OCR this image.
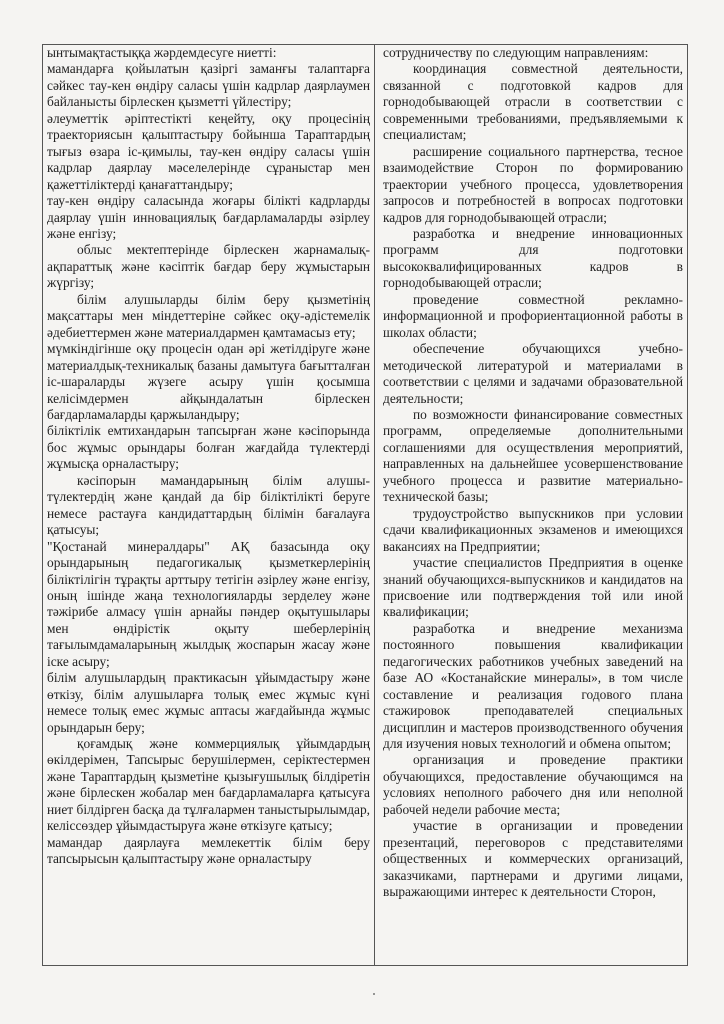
ынтымақтастыққа жәрдемдесуге ниетті:

мамандарға қойылатын қазіргі заманғы талаптарға сәйкес тау-кен өндіру саласы үшін кадрлар даярлаумен байланысты бірлескен қызметті үйлестіру;

әлеуметтік әріптестікті кеңейту, оқу процесінің траекториясын қалыптастыру бойынша Тараптардың тығыз өзара іс-қимылы, тау-кен өндіру саласы үшін кадрлар даярлау мәселелерінде сұраныстар мен қажеттіліктерді қанағаттандыру;

тау-кен өндіру саласында жоғары білікті кадрларды даярлау үшін инновациялық бағдарламаларды әзірлеу және енгізу;

облыс мектептерінде бірлескен жарнамалық-ақпараттық және кәсіптік бағдар беру жұмыстарын жүргізу;

білім алушыларды білім беру қызметінің мақсаттары мен міндеттеріне сәйкес оқу-әдістемелік әдебиеттермен және материалдармен қамтамасыз ету;

мүмкіндігінше оқу процесін одан әрі жетілдіруге және материалдық-техникалық базаны дамытуға бағытталған іс-шараларды жүзеге асыру үшін қосымша келісімдермен айқындалатын бірлескен бағдарламаларды қаржыландыру;

біліктілік емтихандарын тапсырған және кәсіпорында бос жұмыс орындары болған жағдайда түлектерді жұмысқа орналастыру;

кәсіпорын мамандарының білім алушы-түлектердің және қандай да бір біліктілікті беруге немесе растауға кандидаттардың білімін бағалауға қатысуы;

"Қостанай минералдары" АҚ базасында оқу орындарының педагогикалық қызметкерлерінің біліктілігін тұрақты арттыру тетігін әзірлеу және енгізу, оның ішінде жаңа технологияларды зерделеу және тәжірибе алмасу үшін арнайы пәндер оқытушылары мен өндірістік оқыту шеберлерінің тағылымдамаларының жылдық жоспарын жасау және іске асыру;

білім алушылардың практикасын ұйымдастыру және өткізу, білім алушыларға толық емес жұмыс күні немесе толық емес жұмыс аптасы жағдайында жұмыс орындарын беру;

қоғамдық және коммерциялық ұйымдардың өкілдерімен, Тапсырыс берушілермен, серіктестермен және Тараптардың қызметіне қызығушылық білдіретін және бірлескен жобалар мен бағдарламаларға қатысуға ниет білдірген басқа да тұлғалармен таныстырылымдар, келіссөздер ұйымдастыруға және өткізуге қатысу;

мамандар даярлауға мемлекеттік білім беру тапсырысын қалыптастыру және орналастыру

сотрудничеству по следующим направлениям:

координация совместной деятельности, связанной с подготовкой кадров для горнодобывающей отрасли в соответствии с современными требованиями, предъявляемыми к специалистам;

расширение социального партнерства, тесное взаимодействие Сторон по формированию траектории учебного процесса, удовлетворения запросов и потребностей в вопросах подготовки кадров для горнодобывающей отрасли;

разработка и внедрение инновационных программ для подготовки высококвалифицированных кадров в горнодобывающей отрасли;

проведение совместной рекламно-информационной и профориентационной работы в школах области;

обеспечение обучающихся учебно-методической литературой и материалами в соответствии с целями и задачами образовательной деятельности;

по возможности финансирование совместных программ, определяемые дополнительными соглашениями для осуществления мероприятий, направленных на дальнейшее усовершенствование учебного процесса и развитие материально-технической базы;

трудоустройство выпускников при условии сдачи квалификационных экзаменов и имеющихся вакансиях на Предприятии;

участие специалистов Предприятия в оценке знаний обучающихся-выпускников и кандидатов на присвоение или подтверждения той или иной квалификации;

разработка и внедрение механизма постоянного повышения квалификации педагогических работников учебных заведений на базе АО «Костанайские минералы», в том числе составление и реализация годового плана стажировок преподавателей специальных дисциплин и мастеров производственного обучения для изучения новых технологий и обмена опытом;

организация и проведение практики обучающихся, предоставление обучающимся на условиях неполного рабочего дня или неполной рабочей недели рабочие места;

участие в организации и проведении презентаций, переговоров с представителями общественных и коммерческих организаций, заказчиками, партнерами и другими лицами, выражающими интерес к деятельности Сторон,
